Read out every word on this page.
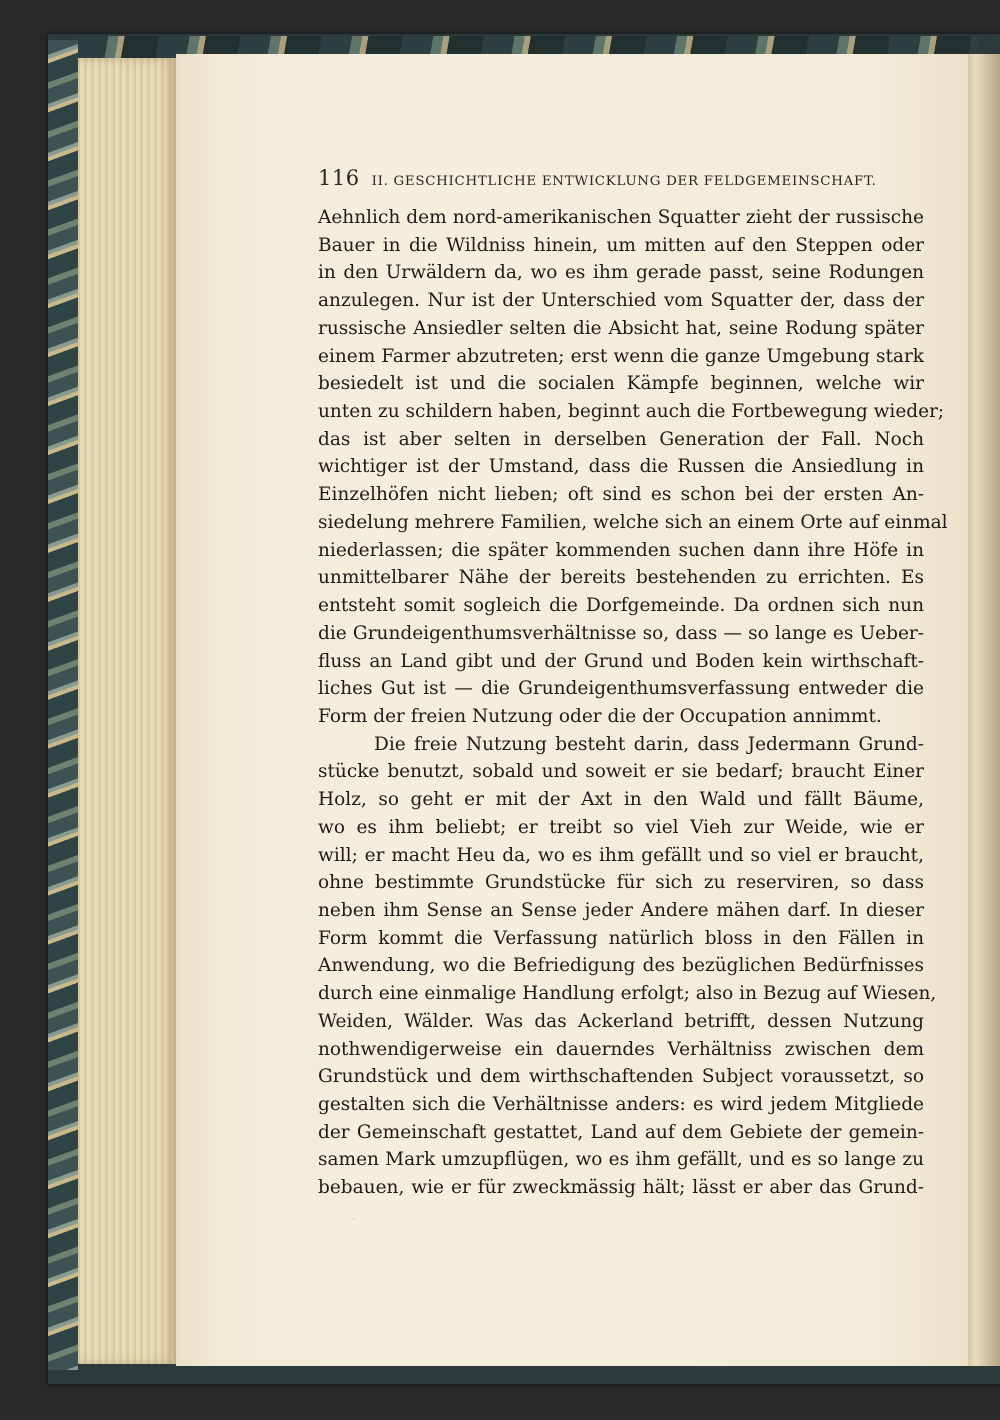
116 II. GESCHICHTLICHE ENTWICKLUNG DER FELDGEMEINSCHAFT.
Aehnlich dem nord-amerikanischen Squatter zieht der russische
Bauer in die Wildniss hinein, um mitten auf den Steppen oder
in den Urwäldern da, wo es ihm gerade passt, seine Rodungen
anzulegen. Nur ist der Unterschied vom Squatter der, dass der
russische Ansiedler selten die Absicht hat, seine Rodung später
einem Farmer abzutreten; erst wenn die ganze Umgebung stark
besiedelt ist und die socialen Kämpfe beginnen, welche wir
unten zu schildern haben, beginnt auch die Fortbewegung wieder;
das ist aber selten in derselben Generation der Fall. Noch
wichtiger ist der Umstand, dass die Russen die Ansiedlung in
Einzelhöfen nicht lieben; oft sind es schon bei der ersten An-
siedelung mehrere Familien, welche sich an einem Orte auf einmal
niederlassen; die später kommenden suchen dann ihre Höfe in
unmittelbarer Nähe der bereits bestehenden zu errichten. Es
entsteht somit sogleich die Dorfgemeinde. Da ordnen sich nun
die Grundeigenthumsverhältnisse so, dass — so lange es Ueber-
fluss an Land gibt und der Grund und Boden kein wirthschaft-
liches Gut ist — die Grundeigenthumsverfassung entweder die
Form der freien Nutzung oder die der Occupation annimmt.
Die freie Nutzung besteht darin, dass Jedermann Grund-
stücke benutzt, sobald und soweit er sie bedarf; braucht Einer
Holz, so geht er mit der Axt in den Wald und fällt Bäume,
wo es ihm beliebt; er treibt so viel Vieh zur Weide, wie er
will; er macht Heu da, wo es ihm gefällt und so viel er braucht,
ohne bestimmte Grundstücke für sich zu reserviren, so dass
neben ihm Sense an Sense jeder Andere mähen darf. In dieser
Form kommt die Verfassung natürlich bloss in den Fällen in
Anwendung, wo die Befriedigung des bezüglichen Bedürfnisses
durch eine einmalige Handlung erfolgt; also in Bezug auf Wiesen,
Weiden, Wälder. Was das Ackerland betrifft, dessen Nutzung
nothwendigerweise ein dauerndes Verhältniss zwischen dem
Grundstück und dem wirthschaftenden Subject voraussetzt, so
gestalten sich die Verhältnisse anders: es wird jedem Mitgliede
der Gemeinschaft gestattet, Land auf dem Gebiete der gemein-
samen Mark umzupflügen, wo es ihm gefällt, und es so lange zu
bebauen, wie er für zweckmässig hält; lässt er aber das Grund-
·
